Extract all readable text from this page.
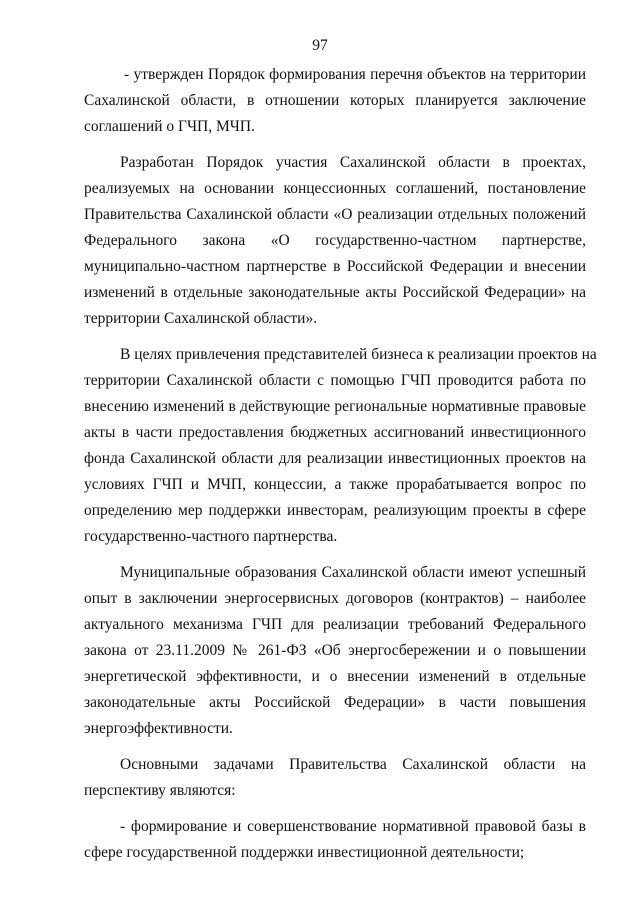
97
- утвержден Порядок формирования перечня объектов на территории
Сахалинской области, в отношении которых планируется заключение
соглашений о ГЧП, МЧП.
Разработан Порядок участия Сахалинской области в проектах,
реализуемых на основании концессионных соглашений, постановление
Правительства Сахалинской области «О реализации отдельных положений
Федерального закона «О государственно-частном партнерстве,
муниципально-частном партнерстве в Российской Федерации и внесении
изменений в отдельные законодательные акты Российской Федерации» на
территории Сахалинской области».
В целях привлечения представителей бизнеса к реализации проектов на
территории Сахалинской области с помощью ГЧП проводится работа по
внесению изменений в действующие региональные нормативные правовые
акты в части предоставления бюджетных ассигнований инвестиционного
фонда Сахалинской области для реализации инвестиционных проектов на
условиях ГЧП и МЧП, концессии, а также прорабатывается вопрос по
определению мер поддержки инвесторам, реализующим проекты в сфере
государственно-частного партнерства.
Муниципальные образования Сахалинской области имеют успешный
опыт в заключении энергосервисных договоров (контрактов) – наиболее
актуального механизма ГЧП для реализации требований Федерального
закона от 23.11.2009 № 261-ФЗ «Об энергосбережении и о повышении
энергетической эффективности, и о внесении изменений в отдельные
законодательные акты Российской Федерации» в части повышения
энергоэффективности.
Основными задачами Правительства Сахалинской области на
перспективу являются:
- формирование и совершенствование нормативной правовой базы в
сфере государственной поддержки инвестиционной деятельности;
